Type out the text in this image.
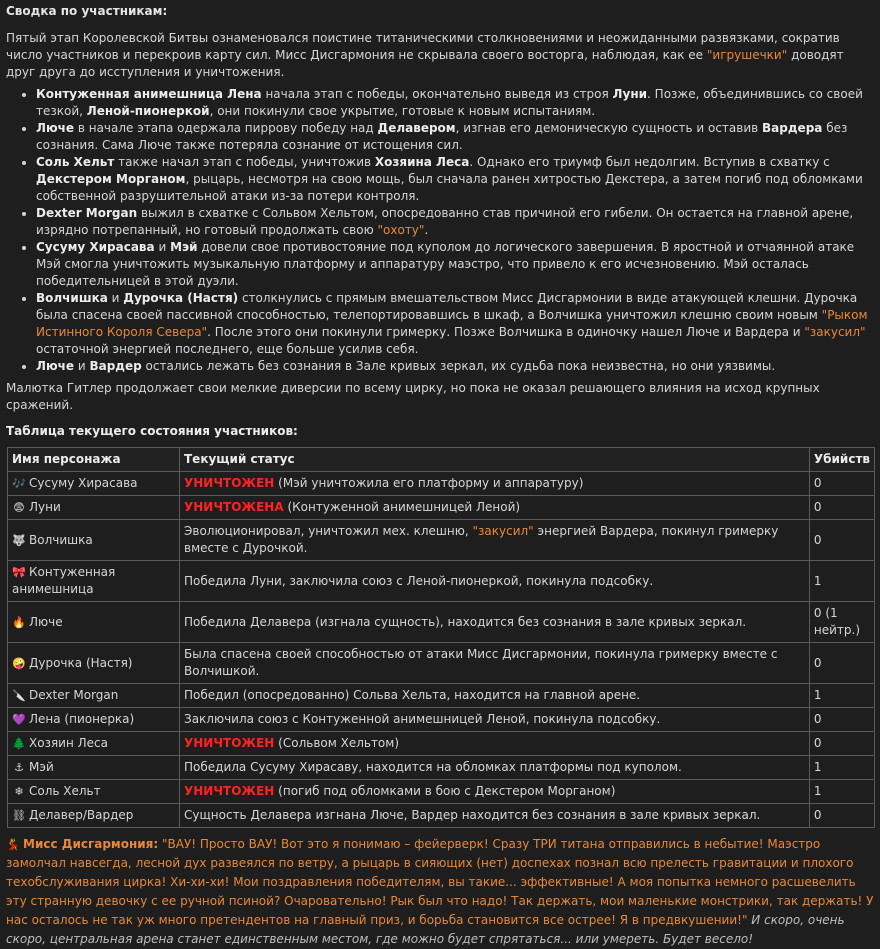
Сводка по участникам:

Пятый этап Королевской Битвы ознаменовался поистине титаническими столкновениями и неожиданными развязками, сократив число участников и перекроив карту сил. Мисс Дисгармония не скрывала своего восторга, наблюдая, как ее "игрушечки" доводят друг друга до исступления и уничтожения.

• Контуженная анимешница Лена начала этап с победы, окончательно выведя из строя Луни. Позже, объединившись со своей тезкой, Леной-пионеркой, они покинули свое укрытие, готовые к новым испытаниям.
• Люче в начале этапа одержала пиррову победу над Делавером, изгнав его демоническую сущность и оставив Вардера без сознания. Сама Люче также потеряла сознание от истощения сил.
• Соль Хельт также начал этап с победы, уничтожив Хозяина Леса. Однако его триумф был недолгим. Вступив в схватку с Декстером Морганом, рыцарь, несмотря на свою мощь, был сначала ранен хитростью Декстера, а затем погиб под обломками собственной разрушительной атаки из-за потери контроля.
• Dexter Morgan выжил в схватке с Сольвом Хельтом, опосредованно став причиной его гибели. Он остается на главной арене, изрядно потрепанный, но готовый продолжать свою "охоту".
• Сусуму Хирасава и Мэй довели свое противостояние под куполом до логического завершения. В яростной и отчаянной атаке Мэй смогла уничтожить музыкальную платформу и аппаратуру маэстро, что привело к его исчезновению. Мэй осталась победительницей в этой дуэли.
• Волчишка и Дурочка (Настя) столкнулись с прямым вмешательством Мисс Дисгармонии в виде атакующей клешни. Дурочка была спасена своей пассивной способностью, телепортировавшись в шкаф, а Волчишка уничтожил клешню своим новым "Рыком Истинного Короля Севера". После этого они покинули гримерку. Позже Волчишка в одиночку нашел Люче и Вардера и "закусил" остаточной энергией последнего, еще больше усилив себя.
• Люче и Вардер остались лежать без сознания в Зале кривых зеркал, их судьба пока неизвестна, но они уязвимы.

Малютка Гитлер продолжает свои мелкие диверсии по всему цирку, но пока не оказал решающего влияния на исход крупных сражений.

Таблица текущего состояния участников:

Имя персонажа	Текущий статус	Убийств
🎶 Сусуму Хирасава	УНИЧТОЖЕН (Мэй уничтожила его платформу и аппаратуру)	0
😨 Луни	УНИЧТОЖЕНА (Контуженной анимешницей Леной)	0
🐺 Волчишка	Эволюционировал, уничтожил мех. клешню, "закусил" энергией Вардера, покинул гримерку вместе с Дурочкой.	0
🎀 Контуженная анимешница	Победила Луни, заключила союз с Леной-пионеркой, покинула подсобку.	1
🔥 Люче	Победила Делавера (изгнала сущность), находится без сознания в зале кривых зеркал.	0 (1 нейтр.)
🤪 Дурочка (Настя)	Была спасена своей способностью от атаки Мисс Дисгармонии, покинула гримерку вместе с Волчишкой.	0
🔪 Dexter Morgan	Победил (опосредованно) Сольва Хельта, находится на главной арене.	1
💜 Лена (пионерка)	Заключила союз с Контуженной анимешницей Леной, покинула подсобку.	0
🌲 Хозяин Леса	УНИЧТОЖЕН (Сольвом Хельтом)	0
⚓ Мэй	Победила Сусуму Хирасаву, находится на обломках платформы под куполом.	1
❄ Соль Хельт	УНИЧТОЖЕН (погиб под обломками в бою с Декстером Морганом)	1
⛓ Делавер/Вардер	Сущность Делавера изгнана Люче, Вардер находится без сознания в зале кривых зеркал.	0

💃 Мисс Дисгармония: "ВАУ! Просто ВАУ! Вот это я понимаю – фейерверк! Сразу ТРИ титана отправились в небытие! Маэстро замолчал навсегда, лесной дух развеялся по ветру, а рыцарь в сияющих (нет) доспехах познал всю прелесть гравитации и плохого техобслуживания цирка! Хи-хи-хи! Мои поздравления победителям, вы такие... эффективные! А моя попытка немного расшевелить эту странную девочку с ее ручной псиной? Очаровательно! Рык был что надо! Так держать, мои маленькие монстрики, так держать! У нас осталось не так уж много претендентов на главный приз, и борьба становится все острее! Я в предвкушении!" И скоро, очень скоро, центральная арена станет единственным местом, где можно будет спрятаться... или умереть. Будет весело!
